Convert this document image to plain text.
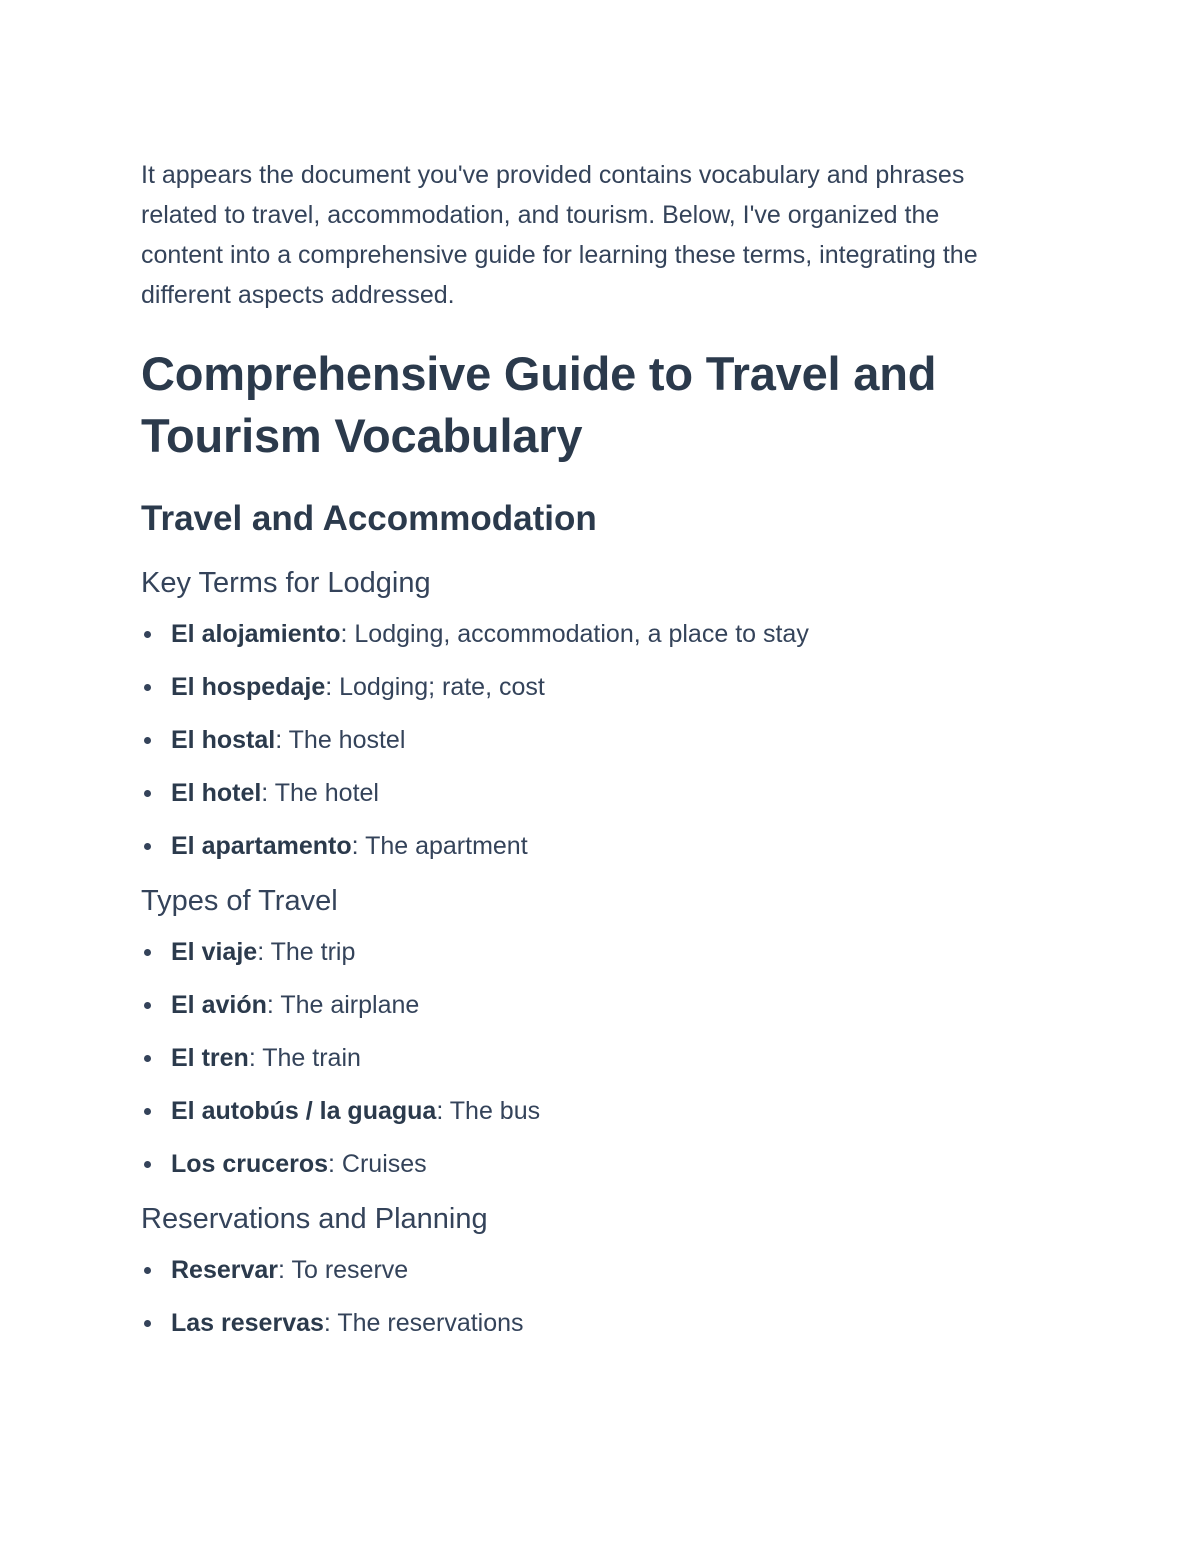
It appears the document you've provided contains vocabulary and phrases related to travel, accommodation, and tourism. Below, I've organized the content into a comprehensive guide for learning these terms, integrating the different aspects addressed.

Comprehensive Guide to Travel and Tourism Vocabulary
Travel and Accommodation
Key Terms for Lodging
El alojamiento: Lodging, accommodation, a place to stay
El hospedaje: Lodging; rate, cost
El hostal: The hostel
El hotel: The hotel
El apartamento: The apartment
Types of Travel
El viaje: The trip
El avión: The airplane
El tren: The train
El autobús / la guagua: The bus
Los cruceros: Cruises
Reservations and Planning
Reservar: To reserve
Las reservas: The reservations
